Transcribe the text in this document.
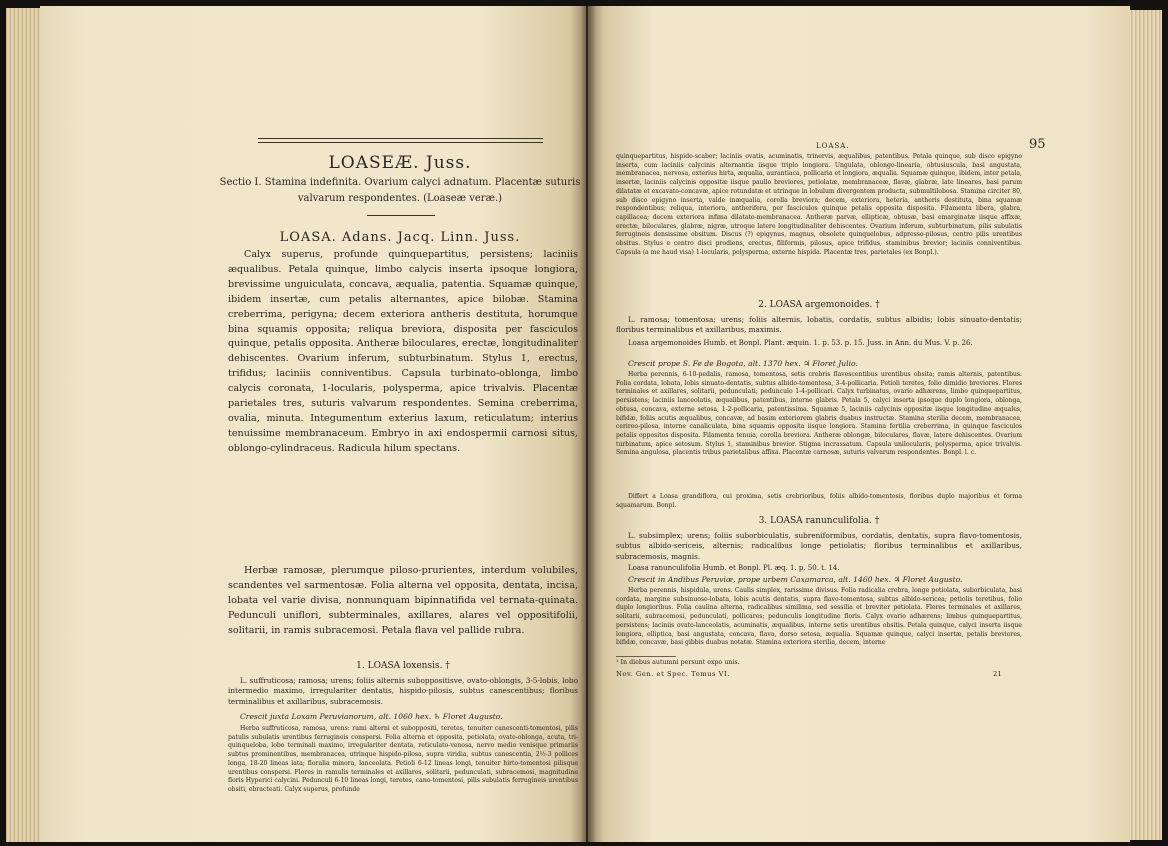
LOASEÆ. Juss.
Sectio I. Stamina indefinita. Ovarium calyci adnatum. Placentæ suturis
valvarum respondentes. (Loaseæ veræ.)
LOASA. Adans. Jacq. Linn. Juss.

Calyx superus, profunde quinquepartitus, persistens; laciniis æqualibus. Petala quinque, limbo calycis inserta ipsoque longiora, brevissime unguiculata, concava, æqualia, patentia. Squamæ quinque, ibidem insertæ, cum petalis alternantes, apice bilobæ. Stamina creberrima, perigyna; decem exteriora antheris destituta, horumque bina squamis opposita; reliqua breviora, disposita per fasciculos quinque, petalis opposita. Antheræ biloculares, erectæ, longitudinaliter dehiscentes. Ovarium inferum, subturbinatum. Stylus 1, erectus, trifidus; laciniis conniventibus. Capsula turbinato-oblonga, limbo calycis coronata, 1-locularis, polysperma, apice trivalvis. Placentæ parietales tres, suturis valvarum respondentes. Semina creberrima, ovalia, minuta. Integumentum exterius laxum, reticulatum; interius tenuissime membranaceum. Embryo in axi endospermii carnosi situs, oblongo-cylindraceus. Radicula hilum spectans.

Herbæ ramosæ, plerumque piloso-prurientes, interdum volubiles, scandentes vel sarmentosæ. Folia alterna vel opposita, dentata, incisa, lobata vel varie divisa, nonnunquam bipinnatifida vel ternata-quinata. Pedunculi uniflori, subterminales, axillares, alares vel oppositifolii, solitarii, in ramis subracemosi. Petala flava vel pallide rubra.

1. LOASA loxensis. †

L. suffruticosa; ramosa; urens; foliis alternis suboppositisve, ovato-oblongis, 3-5-lobis, lobo intermedio maximo, irregulariter dentatis, hispido-pilosis, subtus canescentibus; floribus terminalibus et axillaribus, subracemosis.

Crescit juxta Loxam Peruvianorum, alt. 1060 hex. ♄ Floret Augusto.

Herba suffruticosa, ramosa, urens: rami alterni et suboppositi, teretes, tenuiter canescenti-tomentosi, pilis patulis subulatis urentibus ferrugineis conspersi. Folia alterna et opposita, petiolata, ovato-oblonga, acuta, tri-quinqueloba, lobo terminali maximo, irregulariter dentata, reticulato-venosa, nervo medio venisque primariis subtus prominentibus, membranacea, utrinque hispido-pilosa, supra viridia, subtus canescentia, 2½-3 pollices longa, 18-20 lineas lata; floralia minora, lanceolata. Petioli 6-12 lineas longi, tenuiter hirto-tomentosi pilisque urentibus conspersi. Flores in ramulis terminales et axillares, solitarii, pedunculati, subracemosi, magnitudine floris Hyperici calycini. Pedunculi 6-10 lineas longi, teretes, cano-tomentosi, pilis subulatis ferrugineis urentibus obsiti, ebracteati. Calyx superus, profunde

LOASA.	95

quinquepartitus, hispido-scaber; laciniis ovatis, acuminatis, trinervis, æqualibus, patentibus. Petala quinque, sub disco epigyno inserta, cum laciniis calycinis alternantia iisque triplo longiora. Ungulata, oblongo-linearia, obtusiuscula, basi angustata, membranacea, nervosa, exterius hirta, æqualia, aurantiaca, pollicaria et longiora, æqualia. Squamæ quinque, ibidem, inter petala, insertæ, laciniis calycinis oppositæ iisque paullo breviores, petiolatæ, membranaceæ, flavæ, glabræ, late lineares, basi parum dilatatæ et excavato-concavæ, apice rotundatæ et utrinque in lobulum divergentem producta, submultilobosa. Stamina circiter 80, sub disco epigyno inserta, valde inæqualia, corolla breviora; decem, exteriora, heteria, antheris destituta, bina squamæ respondentibus; reliqua, interiora, antherifera, per fasciculos quinque petalis opposita disposita. Filamenta libera, glabra, capillacea; decem exteriora infima dilatato-membranacea. Antheræ parvæ, ellipticæ, obtusæ, basi emarginatæ iisque affixæ, erectæ, biloculares, glabræ, nigræ, utroque latere longitudinaliter dehiscentes. Ovarium inferum, subturbinatum, pilis subulatis ferrugineis densissime obsitum. Discus (?) epigynus, magnus, obsolete quinquelobus, adpresso-pilosus, centro pilis urentibus obsitus. Stylus e centro disci prodiens, erectus, filiformis, pilosus, apice trifidus, staminibus brevior; laciniis conniventibus. Capsula (a me haud visa) 1-locularis, polysperma, externe hispida. Placentæ tres, parietales (ex Bonpl.).

2. LOASA argemonoides. †

L. ramosa; tomentosa; urens; foliis alternis, lobatis, cordatis, subtus albidis; lobis sinuato-dentatis; floribus terminalibus et axillaribus, maximis.

Loasa argemonoides Humb. et Bonpl. Plant. æquin. 1. p. 53. p. 15. Juss. in Ann. du Mus. V. p. 26.

Crescit prope S. Fe de Bogota, alt. 1370 hex. ♃ Floret Julio.

Herba perennis, 6-10-pedalis, ramosa, tomentosa, setis crebris flavescentibus urentibus obsita; ramis alternis, patentibus. Folia cordata, lobata, lobis sinuato-dentatis, subtus albido-tomentosa, 3-4-pollicaria. Petioli teretes, folio dimidio breviores. Flores terminales et axillares, solitarii, pedunculati; pedunculo 1-4-pollicari. Calyx turbinatus, ovario adhærens, limbo quinquepartitus, persistens; laciniis lanceolatis, æqualibus, patentibus, interne glabris. Petala 5, calyci inserta ipsoque duplo longiora, oblonga, obtusa, concava, externe setosa, 1-2-pollicaria, patentissima. Squamæ 5, laciniis calycinis oppositæ iisque longitudine æquales, bifidæ, foliis acutis æqualibus, concavæ, ad basim exteriorem glabris duabus instructæ. Stamina sterilia decem, membranacea, cerireo-pilosa, interne canaliculata, bina squamis opposita iisque longiora. Stamina fertilia creberrima, in quinque fasciculos petalis oppositos disposita. Filamenta tenuia, corolla breviora. Antheræ oblongæ, biloculares, flavæ, latere dehiscentes. Ovarium turbinatum, apice setosum. Stylus 1, staminibus brevior. Stigma incrassatum. Capsula unilocularis, polysperma, apice trivalvis. Semina angulosa, placentis tribus parietalibus affixa. Placentæ carnosæ, suturis valvarum respondentes. Bonpl. l. c.

Differt a Loasa grandiflora, cui proxima, setis crebrioribus, foliis albido-tomentosis, floribus duplo majoribus et forma squamarum. Bonpl.

3. LOASA ranunculifolia. †

L. subsimplex; urens; foliis suborbiculatis, subreniformibus, cordatis, dentatis, supra flavo-tomentosis, subtus albido-sericeis, alternis; radicalibus longe petiolatis; floribus terminalibus et axillaribus, subracemosis, magnis.

Loasa ranunculifolia Humb. et Bonpl. Pl. æq. 1. p. 50. t. 14.

Crescit in Andibus Peruviæ, prope urbem Caxamarca, alt. 1460 hex. ♃ Floret Augusto.

Herba perennis, hispidula, urens. Caulis simplex, rarissime divisus. Folia radicalia crebra, longe petiolata, suborbiculata, basi cordata, margine subsinuoso-lobata, lobis acutis dentatis, supra flavo-tomentosa, subtus albido-sericea; petiolis teretibus, folio duplo longioribus. Folia caulina alterna, radicalibus similima, sed sessilia et breviter petiolata. Flores terminales et axillares, solitarii, subracemosi, pedunculati, pollicares; pedunculis longitudine floris. Calyx ovario adhærens; limbus quinquepartitus, persistens; laciniis ovato-lanceolatis, acuminatis, æqualibus, interne setis urentibus obsitis. Petala quinque, calyci inserta iisque longiora, elliptica, basi angustata, concava, flava, dorso setosa, æqualia. Squamæ quinque, calyci insertæ, petalis breviores, bifidæ, concavæ, basi gibbis duabus notatæ. Stamina exteriora sterilia, decem, interne

¹ In diebus autumni persunt expo unis.
Nov. Gen. et Spec. Tomus VI.	21
